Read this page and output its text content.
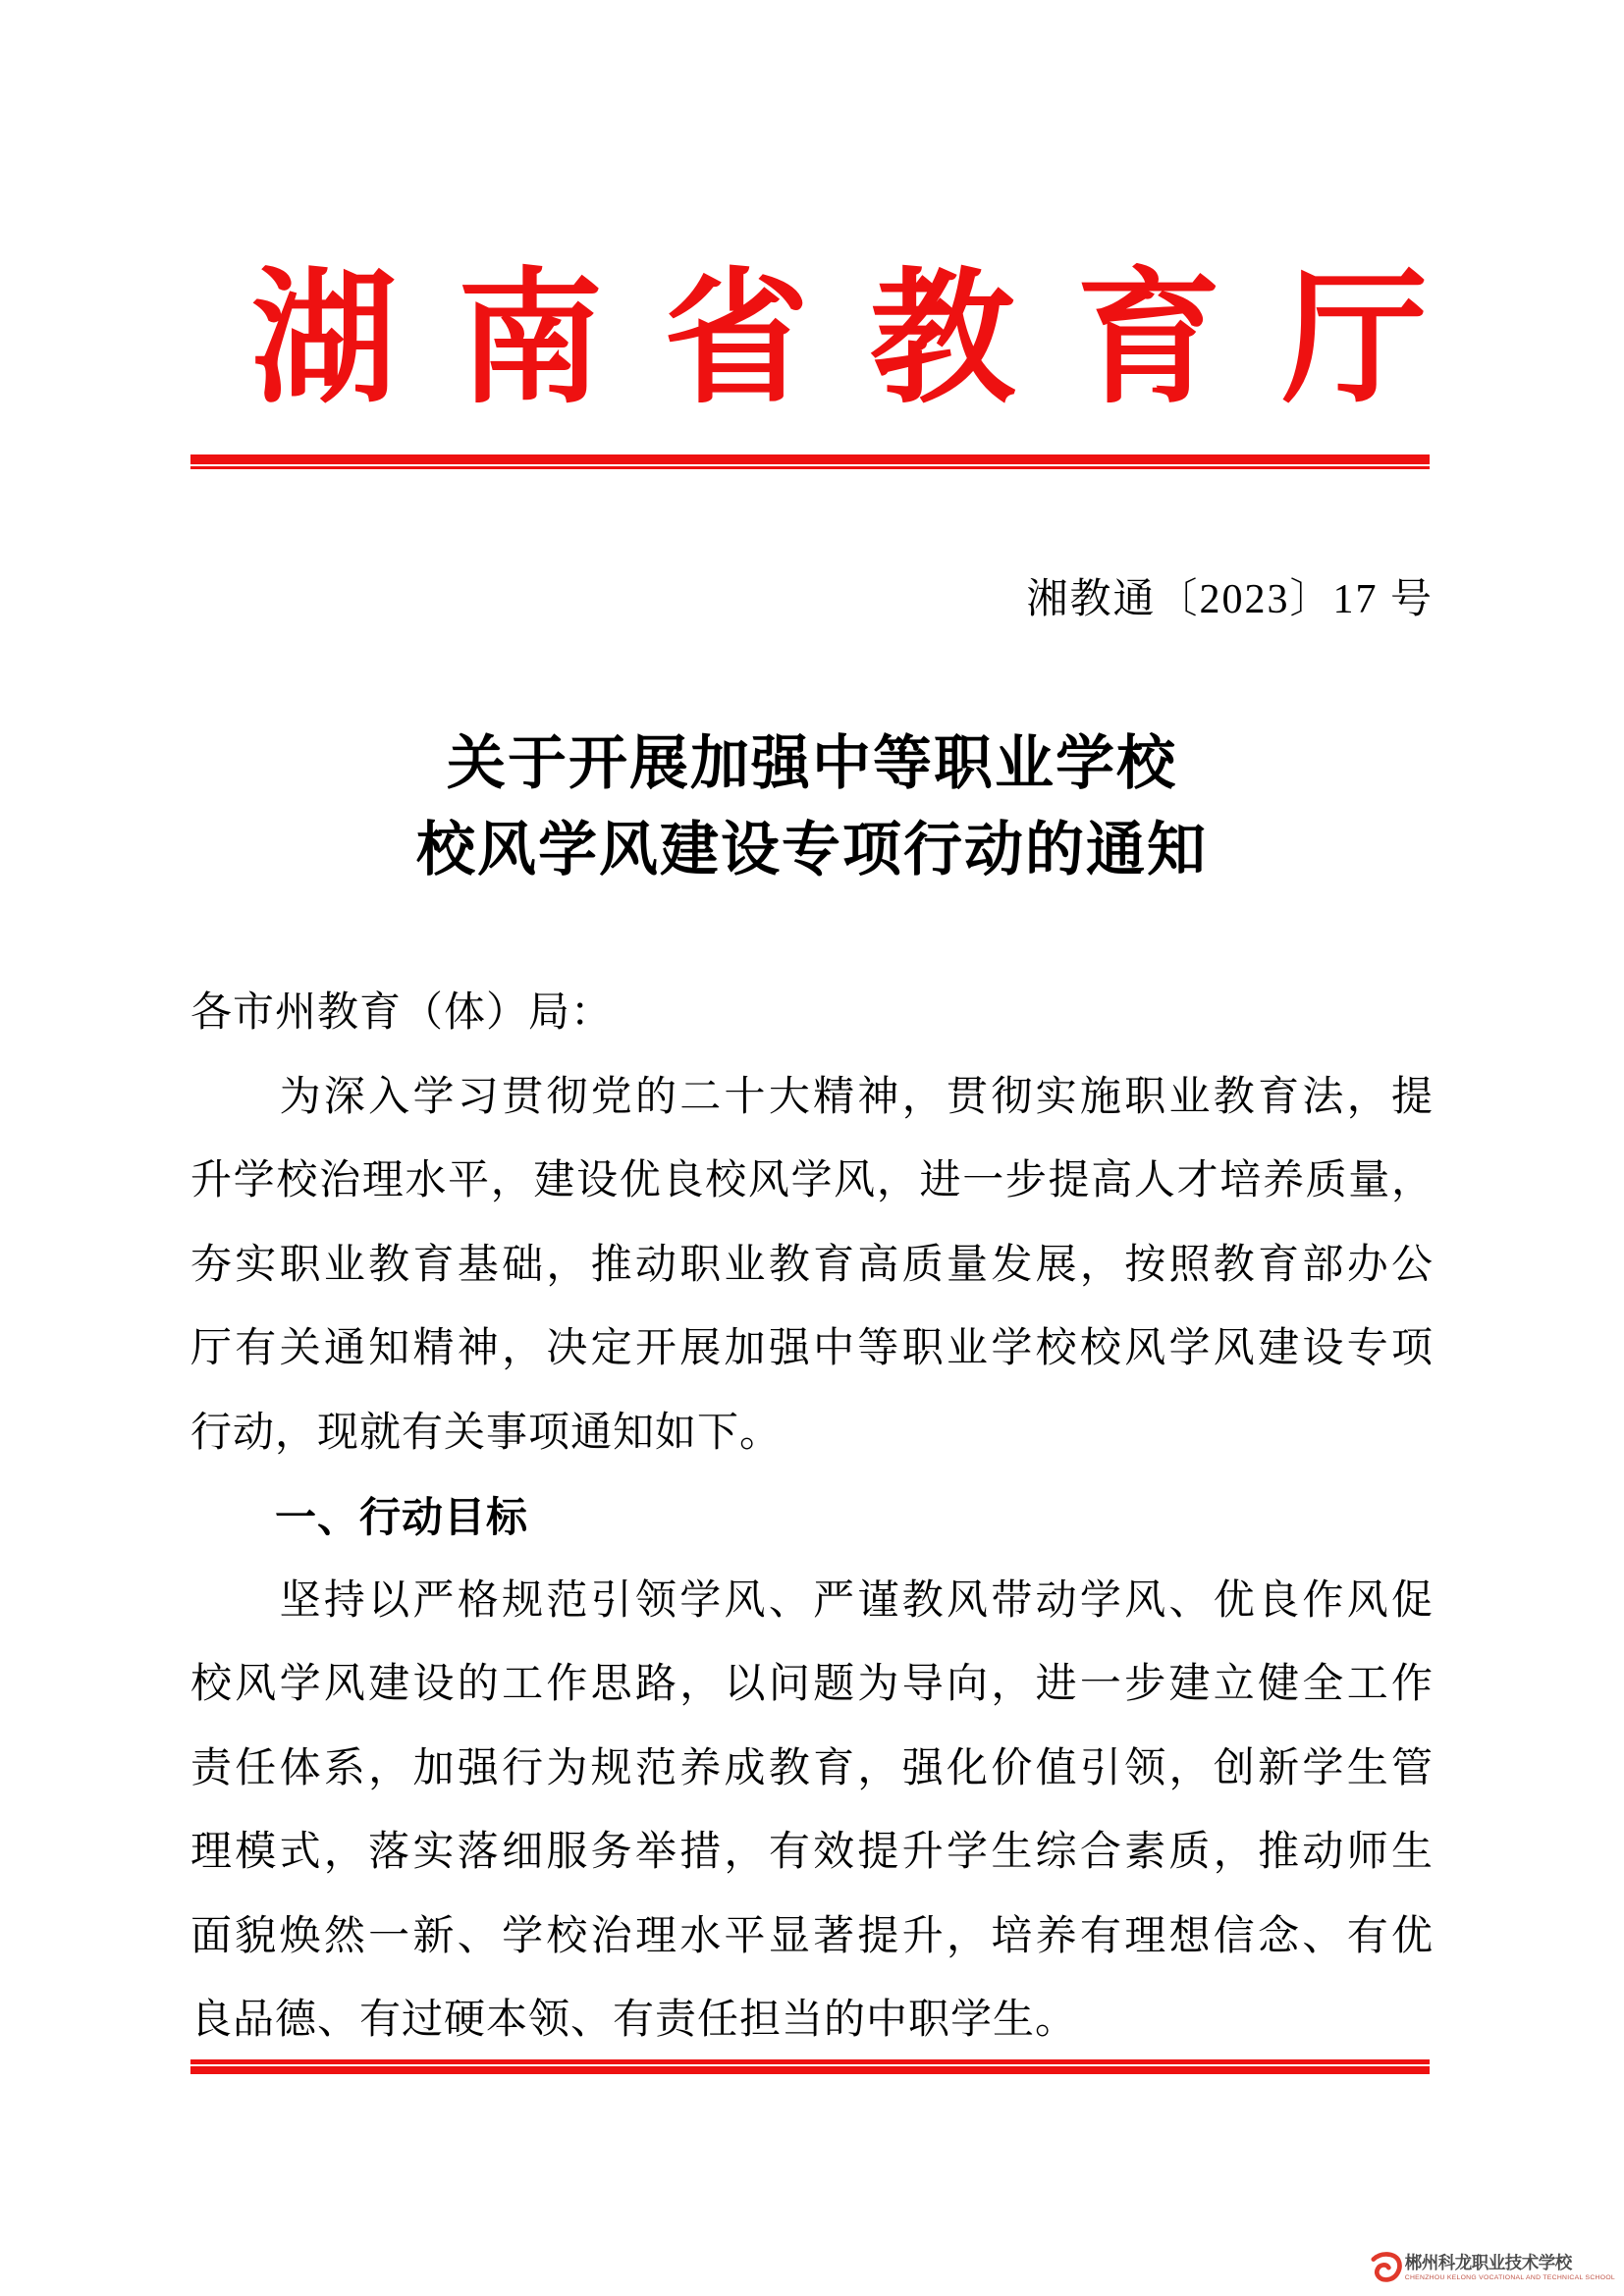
湖南省教育厅
湘教通〔2023〕17 号
关于开展加强中等职业学校
校风学风建设专项行动的通知
各市州教育（体）局：
　　为深入学习贯彻党的二十大精神，贯彻实施职业教育法，提
升学校治理水平，建设优良校风学风，进一步提高人才培养质量，
夯实职业教育基础，推动职业教育高质量发展，按照教育部办公
厅有关通知精神，决定开展加强中等职业学校校风学风建设专项
行动，现就有关事项通知如下。
　　一、行动目标
　　坚持以严格规范引领学风、严谨教风带动学风、优良作风促
校风学风建设的工作思路，以问题为导向，进一步建立健全工作
责任体系，加强行为规范养成教育，强化价值引领，创新学生管
理模式，落实落细服务举措，有效提升学生综合素质，推动师生
面貌焕然一新、学校治理水平显著提升，培养有理想信念、有优
良品德、有过硬本领、有责任担当的中职学生。
郴州科龙职业技术学校
CHENZHOU KELONG VOCATIONAL AND TECHNICAL SCHOOL
